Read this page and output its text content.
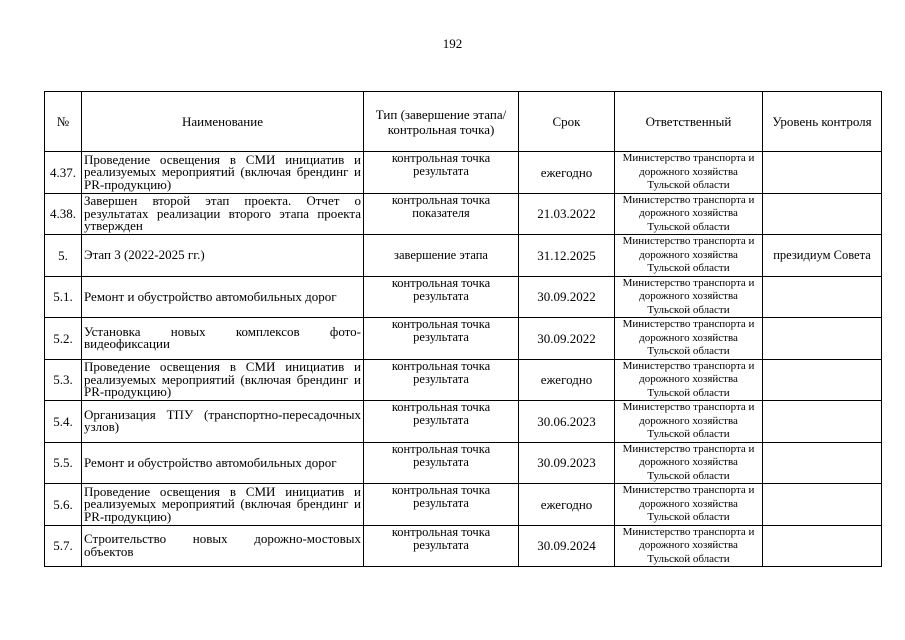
192
№	Наименование	Тип (завершение этапа/контрольная точка)	Срок	Ответственный	Уровень контроля
4.37.	Проведение освещения в СМИ инициатив и реализуемых мероприятий (включая брендинг и PR-продукцию)	контрольная точка результата	ежегодно	Министерство транспорта и дорожного хозяйства Тульской области	
4.38.	Завершен второй этап проекта. Отчет о результатах реализации второго этапа проекта утвержден	контрольная точка показателя	21.03.2022	Министерство транспорта и дорожного хозяйства Тульской области	
5.	Этап 3 (2022-2025 гг.)	завершение этапа	31.12.2025	Министерство транспорта и дорожного хозяйства Тульской области	президиум Совета
5.1.	Ремонт и обустройство автомобильных дорог	контрольная точка результата	30.09.2022	Министерство транспорта и дорожного хозяйства Тульской области	
5.2.	Установка новых комплексов фото-видеофиксации	контрольная точка результата	30.09.2022	Министерство транспорта и дорожного хозяйства Тульской области	
5.3.	Проведение освещения в СМИ инициатив и реализуемых мероприятий (включая брендинг и PR-продукцию)	контрольная точка результата	ежегодно	Министерство транспорта и дорожного хозяйства Тульской области	
5.4.	Организация ТПУ (транспортно-пересадочных узлов)	контрольная точка результата	30.06.2023	Министерство транспорта и дорожного хозяйства Тульской области	
5.5.	Ремонт и обустройство автомобильных дорог	контрольная точка результата	30.09.2023	Министерство транспорта и дорожного хозяйства Тульской области	
5.6.	Проведение освещения в СМИ инициатив и реализуемых мероприятий (включая брендинг и PR-продукцию)	контрольная точка результата	ежегодно	Министерство транспорта и дорожного хозяйства Тульской области	
5.7.	Строительство новых дорожно-мостовых объектов	контрольная точка результата	30.09.2024	Министерство транспорта и дорожного хозяйства Тульской области	
